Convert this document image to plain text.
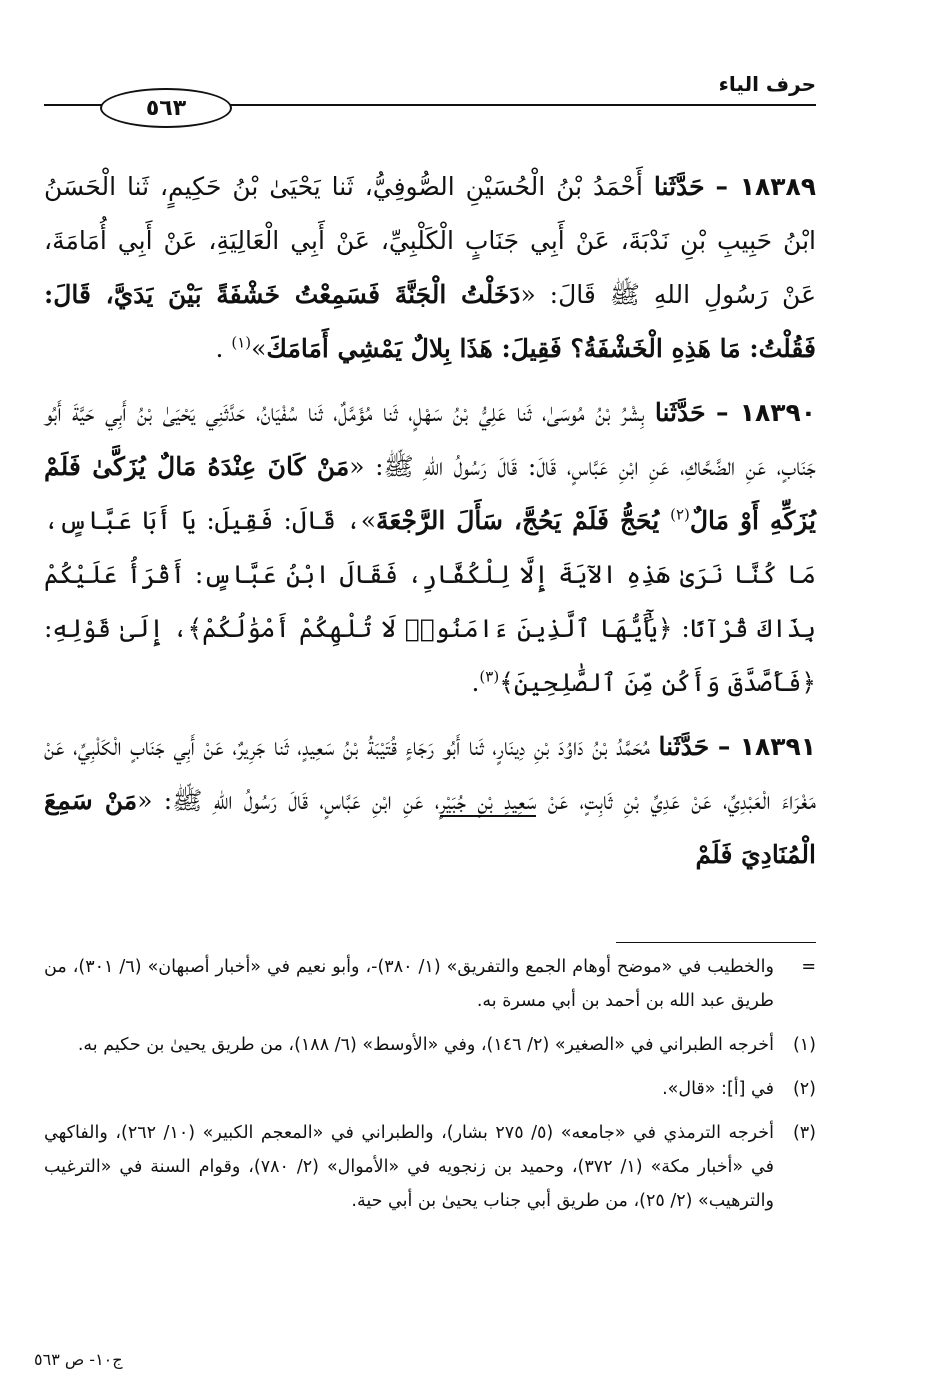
حرف الياء
٥٦٣

١٨٣٨٩ – حَدَّثَنا أَحْمَدُ بْنُ الْحُسَيْنِ الصُّوفِيُّ، ثَنا يَحْيَىٰ بْنُ حَكِيمٍ، ثَنا الْحَسَنُ ابْنُ حَبِيبِ بْنِ نَدْبَةَ، عَنْ أَبِي جَنَابٍ الْكَلْبِيِّ، عَنْ أَبِي الْعَالِيَةِ، عَنْ أَبِي أُمَامَةَ، عَنْ رَسُولِ اللهِ ﷺ قَالَ: «دَخَلْتُ الْجَنَّةَ فَسَمِعْتُ خَشْفَةً بَيْنَ يَدَيَّ، قَالَ: فَقُلْتُ: مَا هَذِهِ الْخَشْفَةُ؟ فَقِيلَ: هَذَا بِلالٌ يَمْشِي أَمَامَكَ»$^{(١)}$ .

١٨٣٩٠ – حَدَّثَنا بِشْرُ بْنُ مُوسَىٰ، ثَنا عَلِيُّ بْنُ سَهْلٍ، ثَنا مُؤَمَّلٌ، ثَنا سُفْيَانُ، حَدَّثَنِي يَحْيَىٰ بْنُ أَبِي حَيَّةَ أَبُو جَنَابٍ، عَنِ الضَّحَّاكِ، عَنِ ابْنِ عَبَّاسٍ، قَالَ: قَالَ رَسُولُ اللهِ ﷺ: «مَنْ كَانَ عِنْدَهُ مَالٌ يُزَكَّىٰ فَلَمْ يُزَكِّهِ أَوْ مَالٌ$^{(٢)}$ يُحَجُّ فَلَمْ يَحُجَّ، سَأَلَ الرَّجْعَةَ»، قَالَ: فَقِيلَ: يَا أَبَا عَبَّاسٍ، مَا كُنَّا نَرَىٰ هَذِهِ الآيَةَ إِلَّا لِلْكُفَّارِ، فَقَالَ ابْنُ عَبَّاسٍ: أَقْرَأُ عَلَيْكُمْ بِذَاكَ قُرْآنًا: ﴿يَٰٓأَيُّهَا ٱلَّذِينَ ءَامَنُوا۟ لَا تُلْهِكُمْ أَمْوَٰلُكُمْ﴾، إِلَىٰ قَوْلِهِ: ﴿فَأَصَّدَّقَ وَأَكُن مِّنَ ٱلصَّٰلِحِينَ﴾$^{(٣)}$.

١٨٣٩١ – حَدَّثَنا مُحَمَّدُ بْنُ دَاوُدَ بْنِ دِينَارٍ، ثَنا أَبُو رَجَاءٍ قُتَيْبَةُ بْنُ سَعِيدٍ، ثَنا جَرِيرٌ، عَنْ أَبِي جَنَابٍ الْكَلْبِيِّ، عَنْ مَغْرَاءَ الْعَبْدِيِّ، عَنْ عَدِيِّ بْنِ ثَابِتٍ، عَنْ سَعِيدِ بْنِ جُبَيْرٍ، عَنِ ابْنِ عَبَّاسٍ، قَالَ رَسُولُ اللهِ ﷺ: «مَنْ سَمِعَ الْمُنَادِيَ فَلَمْ

=
والخطيب في «موضح أوهام الجمع والتفريق» (١/ ٣٨٠)-، وأبو نعيم في «أخبار أصبهان» (٦/ ٣٠١)، من طريق عبد الله بن أحمد بن أبي مسرة به.
(١)
أخرجه الطبراني في «الصغير» (٢/ ١٤٦)، وفي «الأوسط» (٦/ ١٨٨)، من طريق يحيىٰ بن حكيم به.
(٢)
في [أ]: «قال».
(٣)
أخرجه الترمذي في «جامعه» (٥/ ٢٧٥ بشار)، والطبراني في «المعجم الكبير» (١٠/ ٢٦٢)، والفاكهي في «أخبار مكة» (١/ ٣٧٢)، وحميد بن زنجويه في «الأموال» (٢/ ٧٨٠)، وقوام السنة في «الترغيب والترهيب» (٢/ ٢٥)، من طريق أبي جناب يحيىٰ بن أبي حية.
ج١٠- ص ٥٦٣
